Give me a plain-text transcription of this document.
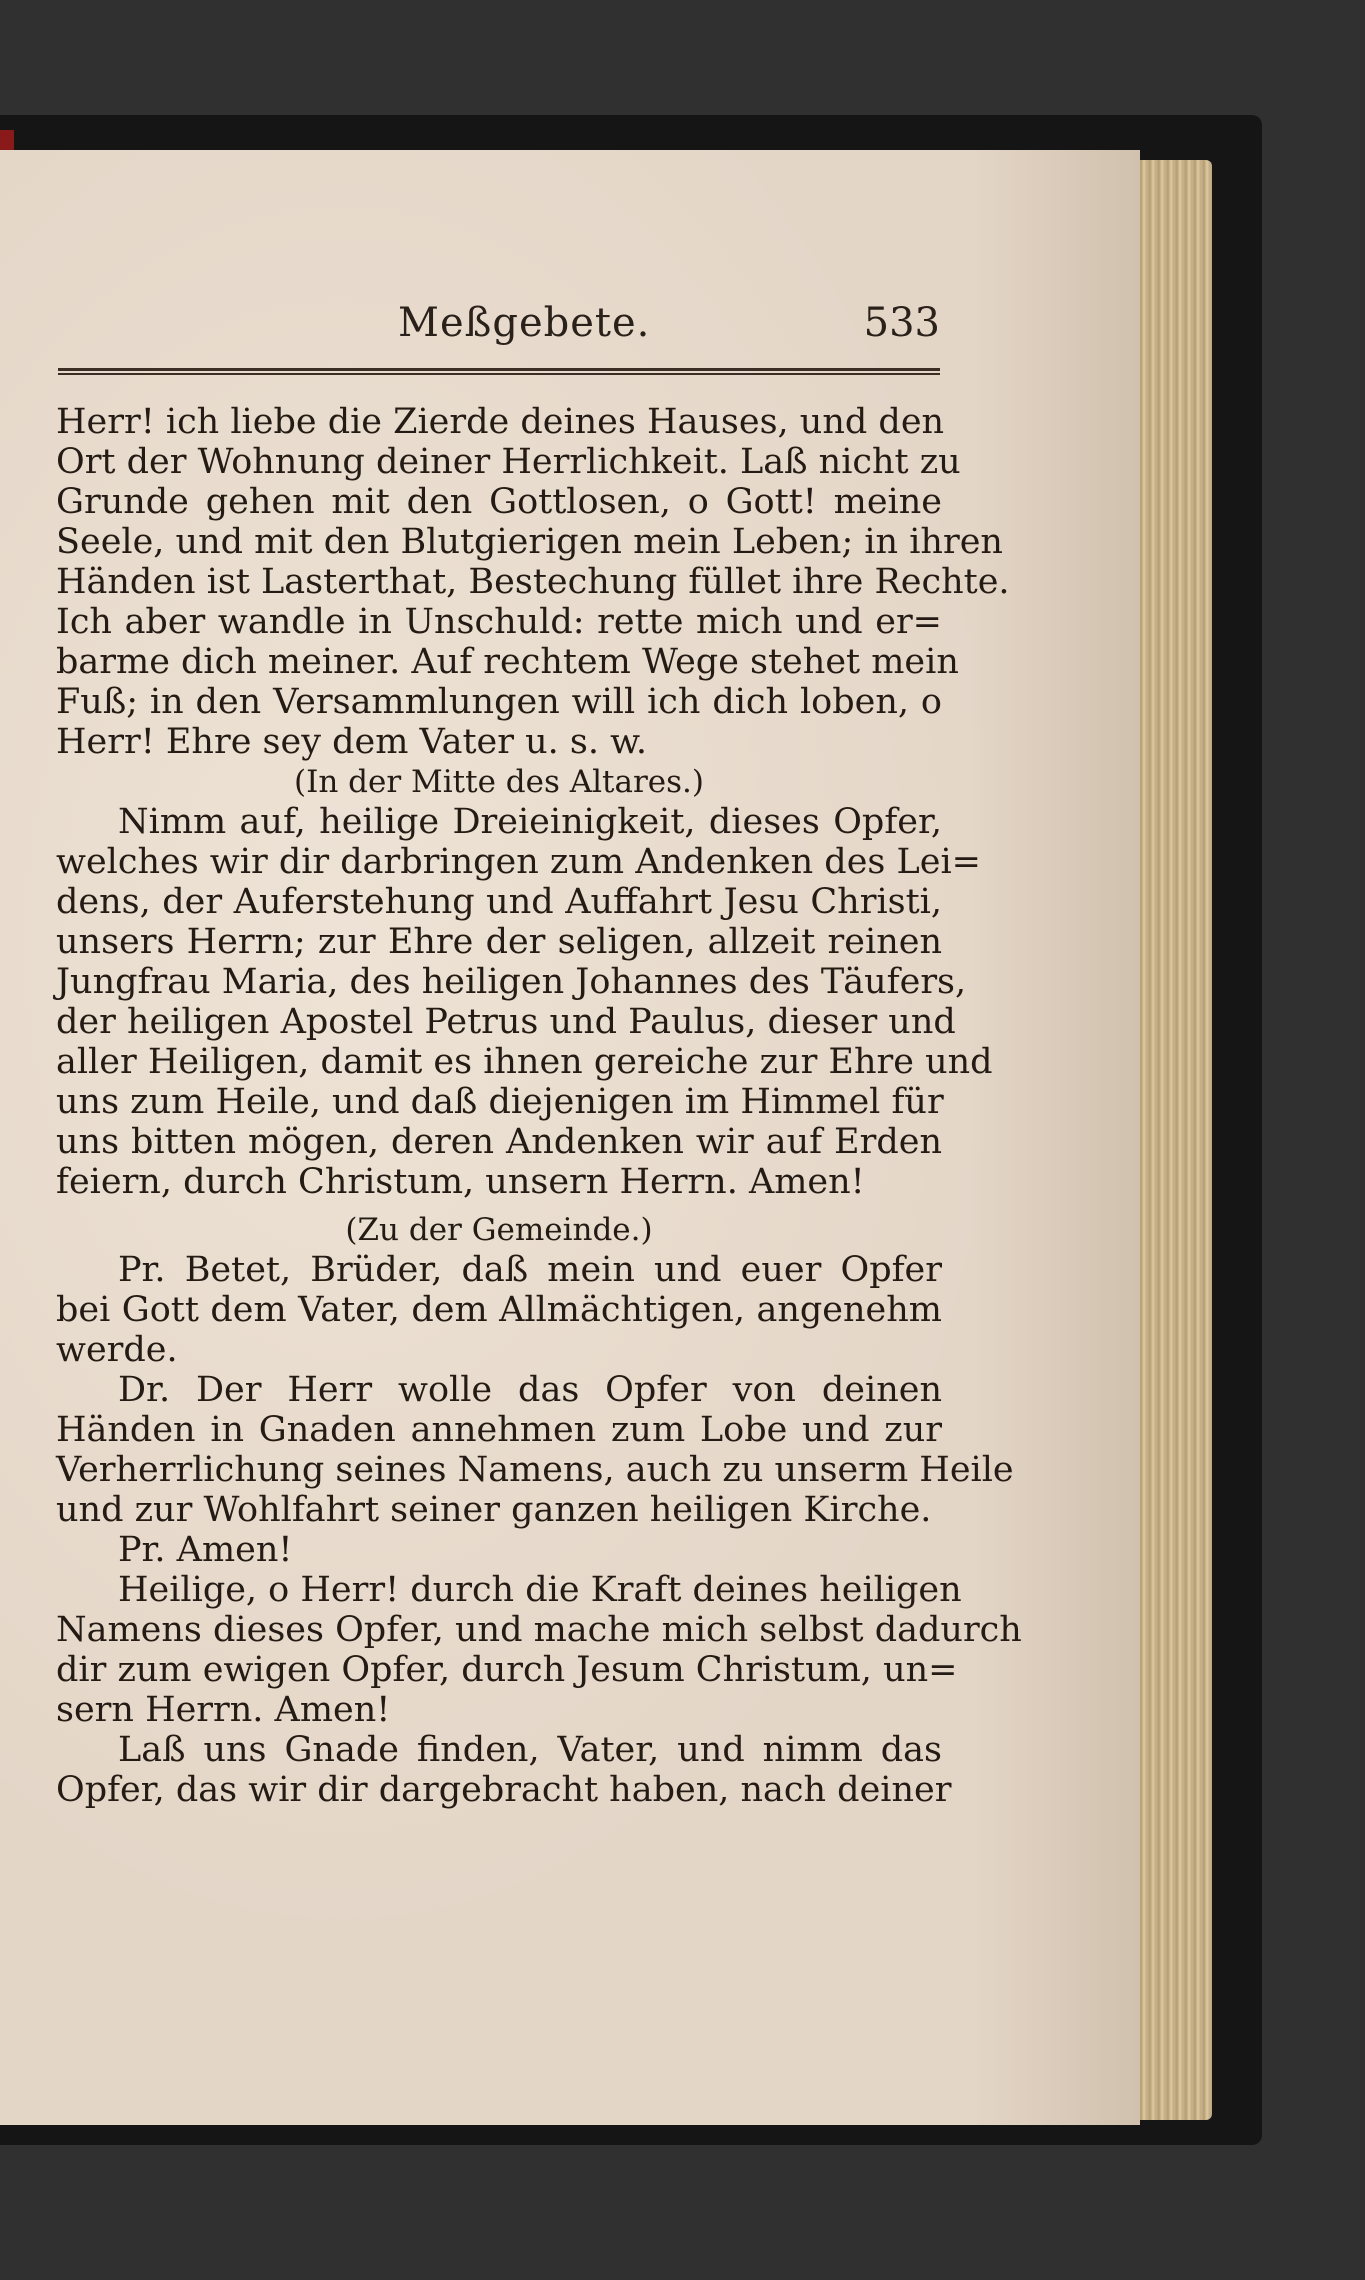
Meßgebete.	533
Herr! ich liebe die Zierde deines Hauses, und den
Ort der Wohnung deiner Herrlichkeit. Laß nicht zu
Grunde gehen mit den Gottlosen, o Gott! meine
Seele, und mit den Blutgierigen mein Leben; in ihren
Händen ist Lasterthat, Bestechung füllet ihre Rechte.
Ich aber wandle in Unschuld: rette mich und er=
barme dich meiner. Auf rechtem Wege stehet mein
Fuß; in den Versammlungen will ich dich loben, o
Herr! Ehre sey dem Vater u. s. w.
(In der Mitte des Altares.)
Nimm auf, heilige Dreieinigkeit, dieses Opfer,
welches wir dir darbringen zum Andenken des Lei=
dens, der Auferstehung und Auffahrt Jesu Christi,
unsers Herrn; zur Ehre der seligen, allzeit reinen
Jungfrau Maria, des heiligen Johannes des Täufers,
der heiligen Apostel Petrus und Paulus, dieser und
aller Heiligen, damit es ihnen gereiche zur Ehre und
uns zum Heile, und daß diejenigen im Himmel für
uns bitten mögen, deren Andenken wir auf Erden
feiern, durch Christum, unsern Herrn. Amen!
(Zu der Gemeinde.)
Pr. Betet, Brüder, daß mein und euer Opfer
bei Gott dem Vater, dem Allmächtigen, angenehm
werde.
Dr. Der Herr wolle das Opfer von deinen
Händen in Gnaden annehmen zum Lobe und zur
Verherrlichung seines Namens, auch zu unserm Heile
und zur Wohlfahrt seiner ganzen heiligen Kirche.
Pr. Amen!
Heilige, o Herr! durch die Kraft deines heiligen
Namens dieses Opfer, und mache mich selbst dadurch
dir zum ewigen Opfer, durch Jesum Christum, un=
sern Herrn. Amen!
Laß uns Gnade finden, Vater, und nimm das
Opfer, das wir dir dargebracht haben, nach deiner
